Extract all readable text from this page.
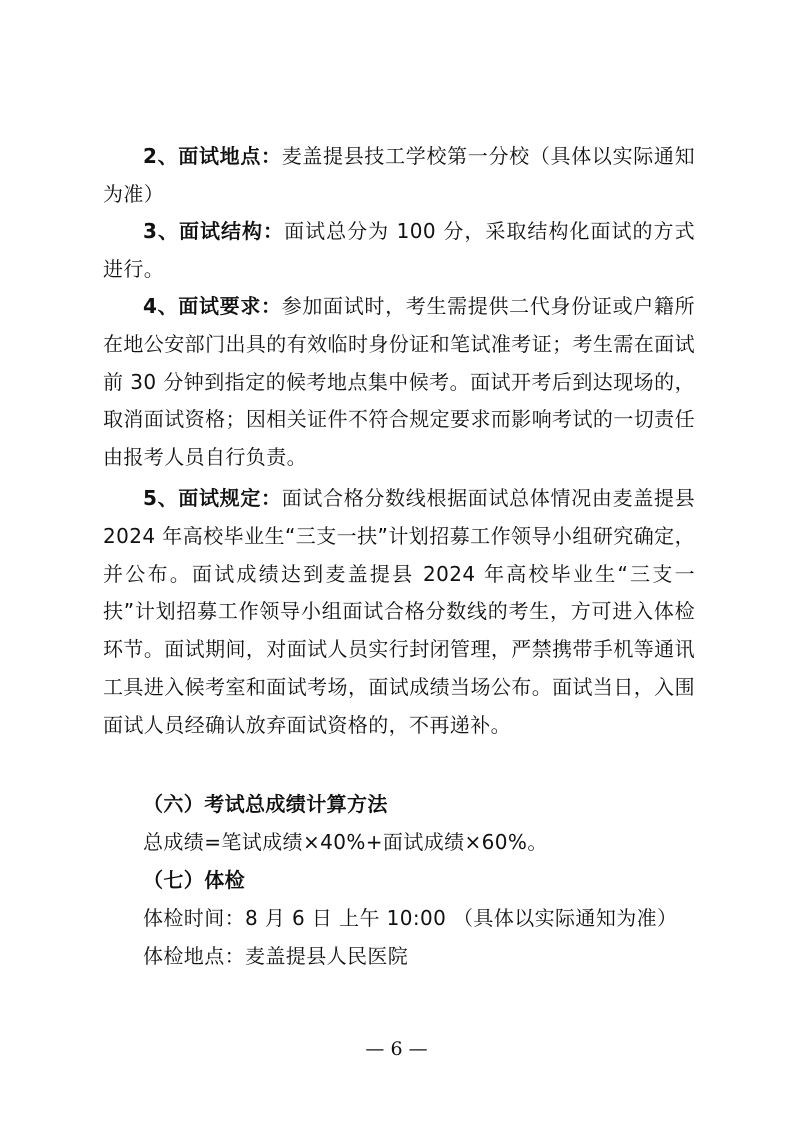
2、面试地点：麦盖提县技工学校第一分校（具体以实际通知为准）

3、面试结构：面试总分为 100 分，采取结构化面试的方式进行。

4、面试要求：参加面试时，考生需提供二代身份证或户籍所在地公安部门出具的有效临时身份证和笔试准考证；考生需在面试前 30 分钟到指定的候考地点集中候考。面试开考后到达现场的，取消面试资格；因相关证件不符合规定要求而影响考试的一切责任由报考人员自行负责。

5、面试规定：面试合格分数线根据面试总体情况由麦盖提县 2024 年高校毕业生“三支一扶”计划招募工作领导小组研究确定，并公布。面试成绩达到麦盖提县 2024 年高校毕业生“三支一扶”计划招募工作领导小组面试合格分数线的考生，方可进入体检环节。面试期间，对面试人员实行封闭管理，严禁携带手机等通讯工具进入候考室和面试考场，面试成绩当场公布。面试当日，入围面试人员经确认放弃面试资格的，不再递补。

（六）考试总成绩计算方法

总成绩=笔试成绩×40%+面试成绩×60%。

（七）体检

体检时间：8 月 6 日 上午 10:00 （具体以实际通知为准）

体检地点：麦盖提县人民医院

— 6 —
